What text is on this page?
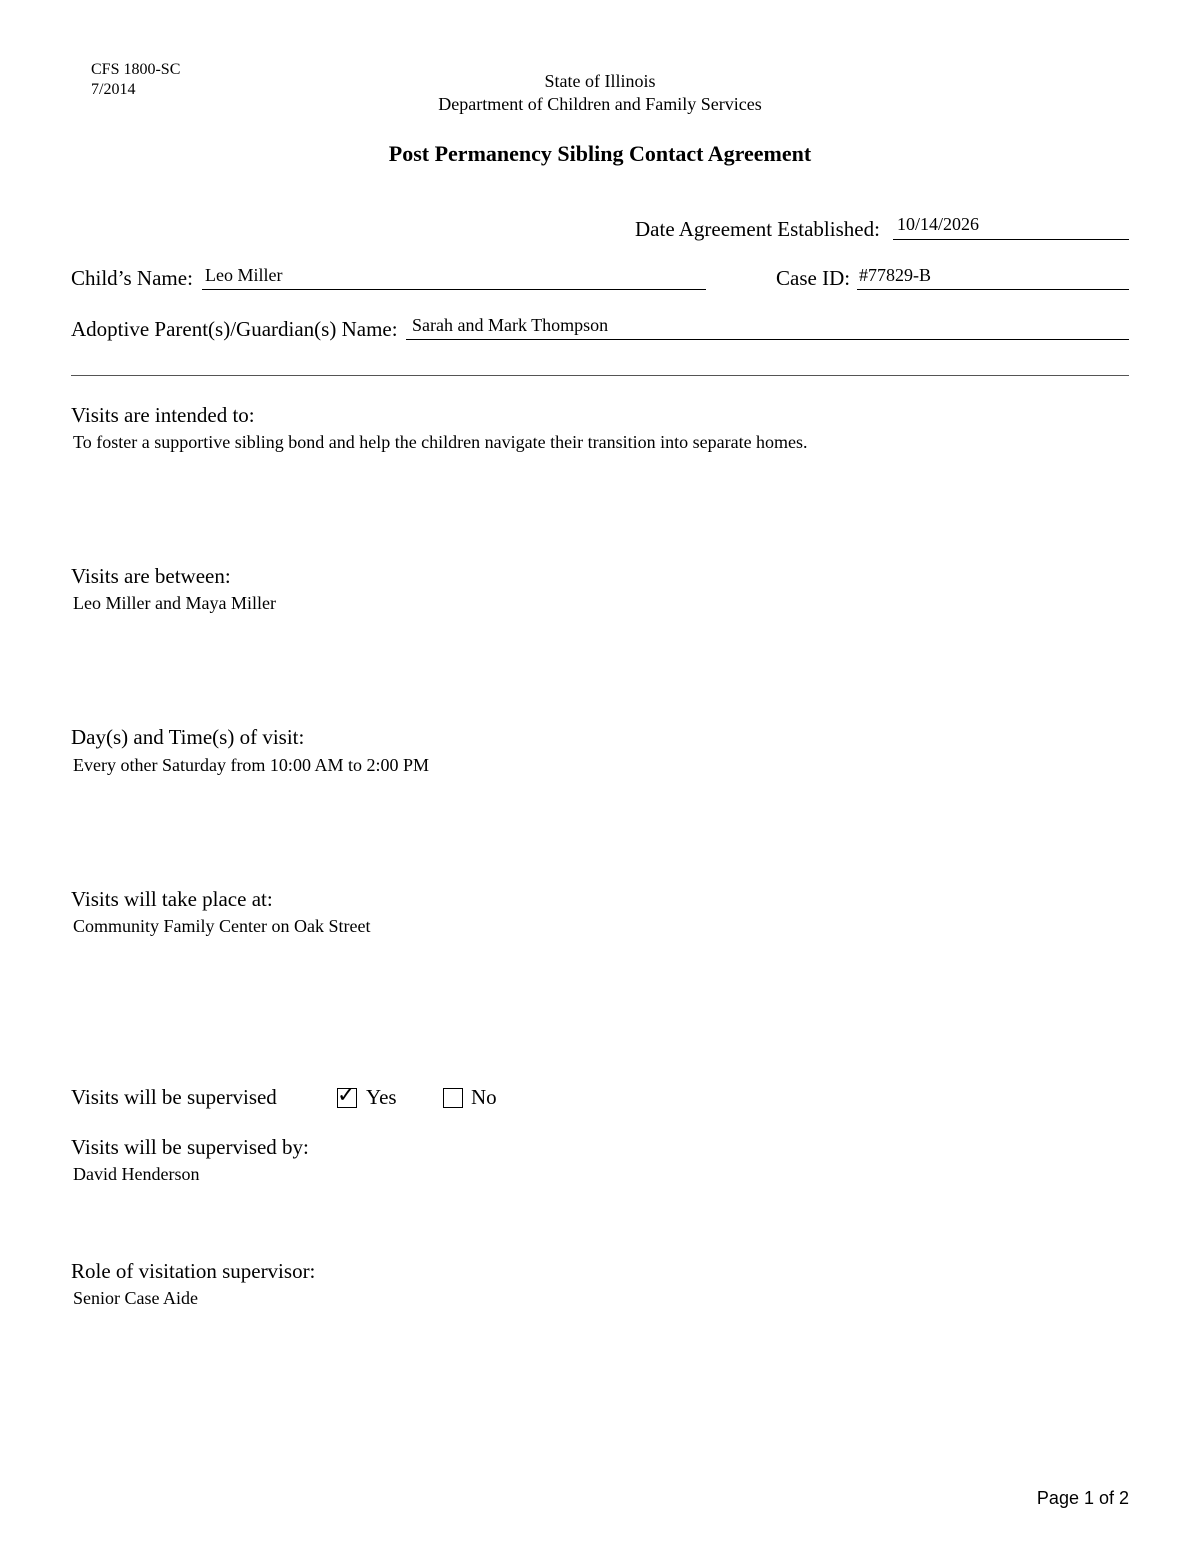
CFS 1800-SC
7/2014	State of Illinois
Department of Children and Family Services
Post Permanency Sibling Contact Agreement
Date Agreement Established: 10/14/2026
Child’s Name: Leo Miller	Case ID: #77829-B
Adoptive Parent(s)/Guardian(s) Name: Sarah and Mark Thompson
Visits are intended to:
To foster a supportive sibling bond and help the children navigate their transition into separate homes.
Visits are between:
Leo Miller and Maya Miller
Day(s) and Time(s) of visit:
Every other Saturday from 10:00 AM to 2:00 PM
Visits will take place at:
Community Family Center on Oak Street
Visits will be supervised	✓ Yes	No
Visits will be supervised by:
David Henderson
Role of visitation supervisor:
Senior Case Aide
Page 1 of 2
